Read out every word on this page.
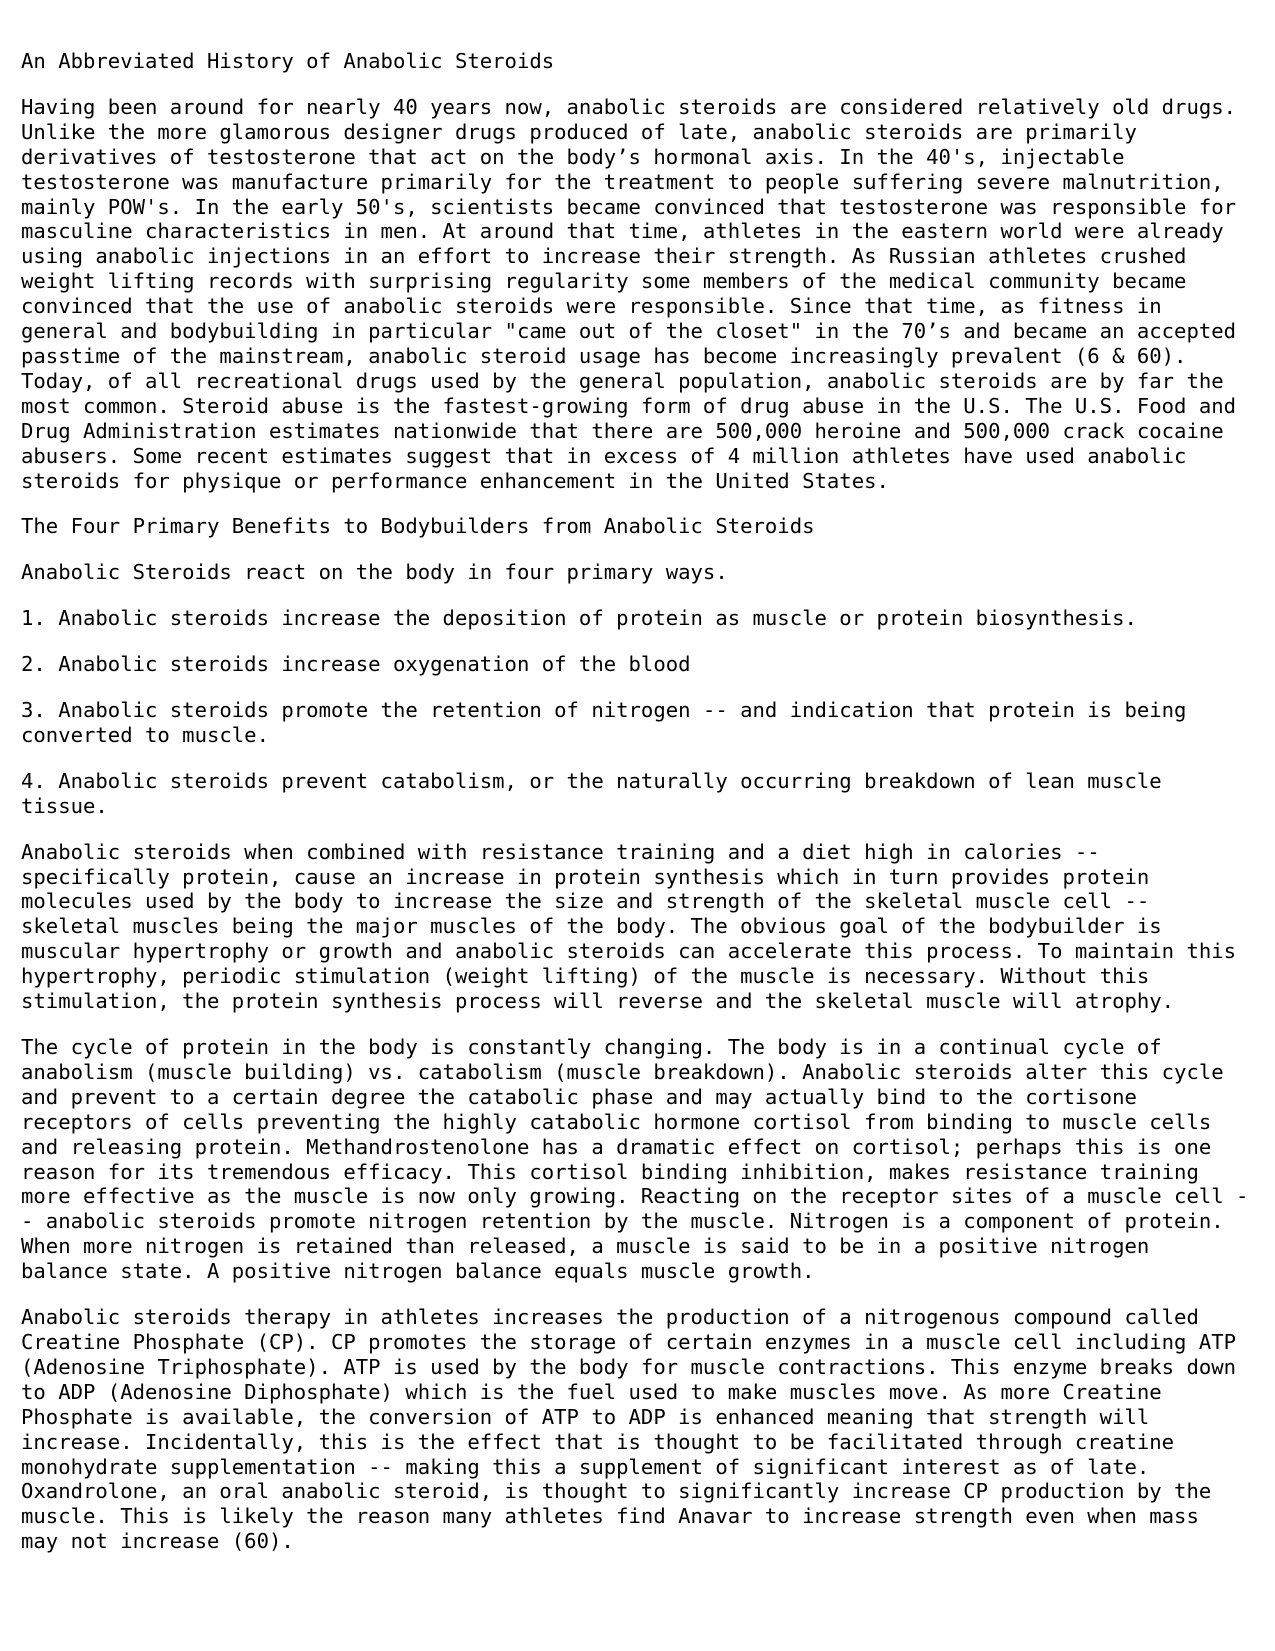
An Abbreviated History of Anabolic Steroids
Having been around for nearly 40 years now, anabolic steroids are considered relatively old drugs.
Unlike the more glamorous designer drugs produced of late, anabolic steroids are primarily
derivatives of testosterone that act on the body’s hormonal axis. In the 40's, injectable
testosterone was manufacture primarily for the treatment to people suffering severe malnutrition,
mainly POW's. In the early 50's, scientists became convinced that testosterone was responsible for
masculine characteristics in men. At around that time, athletes in the eastern world were already
using anabolic injections in an effort to increase their strength. As Russian athletes crushed
weight lifting records with surprising regularity some members of the medical community became
convinced that the use of anabolic steroids were responsible. Since that time, as fitness in
general and bodybuilding in particular "came out of the closet" in the 70’s and became an accepted
passtime of the mainstream, anabolic steroid usage has become increasingly prevalent (6 & 60).
Today, of all recreational drugs used by the general population, anabolic steroids are by far the
most common. Steroid abuse is the fastest-growing form of drug abuse in the U.S. The U.S. Food and
Drug Administration estimates nationwide that there are 500,000 heroine and 500,000 crack cocaine
abusers. Some recent estimates suggest that in excess of 4 million athletes have used anabolic
steroids for physique or performance enhancement in the United States.
The Four Primary Benefits to Bodybuilders from Anabolic Steroids
Anabolic Steroids react on the body in four primary ways.
1. Anabolic steroids increase the deposition of protein as muscle or protein biosynthesis.
2. Anabolic steroids increase oxygenation of the blood
3. Anabolic steroids promote the retention of nitrogen -- and indication that protein is being
converted to muscle.
4. Anabolic steroids prevent catabolism, or the naturally occurring breakdown of lean muscle
tissue.
Anabolic steroids when combined with resistance training and a diet high in calories --
specifically protein, cause an increase in protein synthesis which in turn provides protein
molecules used by the body to increase the size and strength of the skeletal muscle cell --
skeletal muscles being the major muscles of the body. The obvious goal of the bodybuilder is
muscular hypertrophy or growth and anabolic steroids can accelerate this process. To maintain this
hypertrophy, periodic stimulation (weight lifting) of the muscle is necessary. Without this
stimulation, the protein synthesis process will reverse and the skeletal muscle will atrophy.
The cycle of protein in the body is constantly changing. The body is in a continual cycle of
anabolism (muscle building) vs. catabolism (muscle breakdown). Anabolic steroids alter this cycle
and prevent to a certain degree the catabolic phase and may actually bind to the cortisone
receptors of cells preventing the highly catabolic hormone cortisol from binding to muscle cells
and releasing protein. Methandrostenolone has a dramatic effect on cortisol; perhaps this is one
reason for its tremendous efficacy. This cortisol binding inhibition, makes resistance training
more effective as the muscle is now only growing. Reacting on the receptor sites of a muscle cell -
- anabolic steroids promote nitrogen retention by the muscle. Nitrogen is a component of protein.
When more nitrogen is retained than released, a muscle is said to be in a positive nitrogen
balance state. A positive nitrogen balance equals muscle growth.
Anabolic steroids therapy in athletes increases the production of a nitrogenous compound called
Creatine Phosphate (CP). CP promotes the storage of certain enzymes in a muscle cell including ATP
(Adenosine Triphosphate). ATP is used by the body for muscle contractions. This enzyme breaks down
to ADP (Adenosine Diphosphate) which is the fuel used to make muscles move. As more Creatine
Phosphate is available, the conversion of ATP to ADP is enhanced meaning that strength will
increase. Incidentally, this is the effect that is thought to be facilitated through creatine
monohydrate supplementation -- making this a supplement of significant interest as of late.
Oxandrolone, an oral anabolic steroid, is thought to significantly increase CP production by the
muscle. This is likely the reason many athletes find Anavar to increase strength even when mass
may not increase (60).
